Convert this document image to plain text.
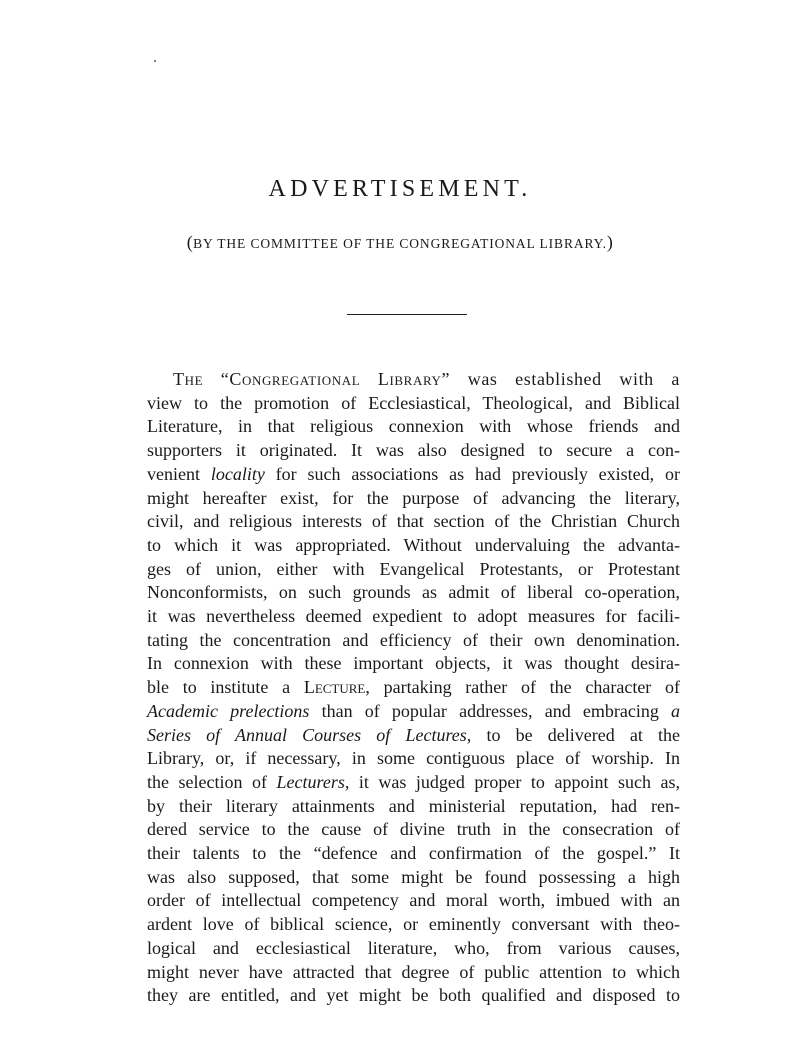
ADVERTISEMENT.

(BY THE COMMITTEE OF THE CONGREGATIONAL LIBRARY.)

The “Congregational Library” was established with a
view to the promotion of Ecclesiastical, Theological, and Biblical
Literature, in that religious connexion with whose friends and
supporters it originated. It was also designed to secure a con-
venient locality for such associations as had previously existed, or
might hereafter exist, for the purpose of advancing the literary,
civil, and religious interests of that section of the Christian Church
to which it was appropriated. Without undervaluing the advanta-
ges of union, either with Evangelical Protestants, or Protestant
Nonconformists, on such grounds as admit of liberal co-operation,
it was nevertheless deemed expedient to adopt measures for facili-
tating the concentration and efficiency of their own denomination.
In connexion with these important objects, it was thought desira-
ble to institute a Lecture, partaking rather of the character of
Academic prelections than of popular addresses, and embracing a
Series of Annual Courses of Lectures, to be delivered at the
Library, or, if necessary, in some contiguous place of worship. In
the selection of Lecturers, it was judged proper to appoint such as,
by their literary attainments and ministerial reputation, had ren-
dered service to the cause of divine truth in the consecration of
their talents to the “defence and confirmation of the gospel.” It
was also supposed, that some might be found possessing a high
order of intellectual competency and moral worth, imbued with an
ardent love of biblical science, or eminently conversant with theo-
logical and ecclesiastical literature, who, from various causes,
might never have attracted that degree of public attention to which
they are entitled, and yet might be both qualified and disposed to
